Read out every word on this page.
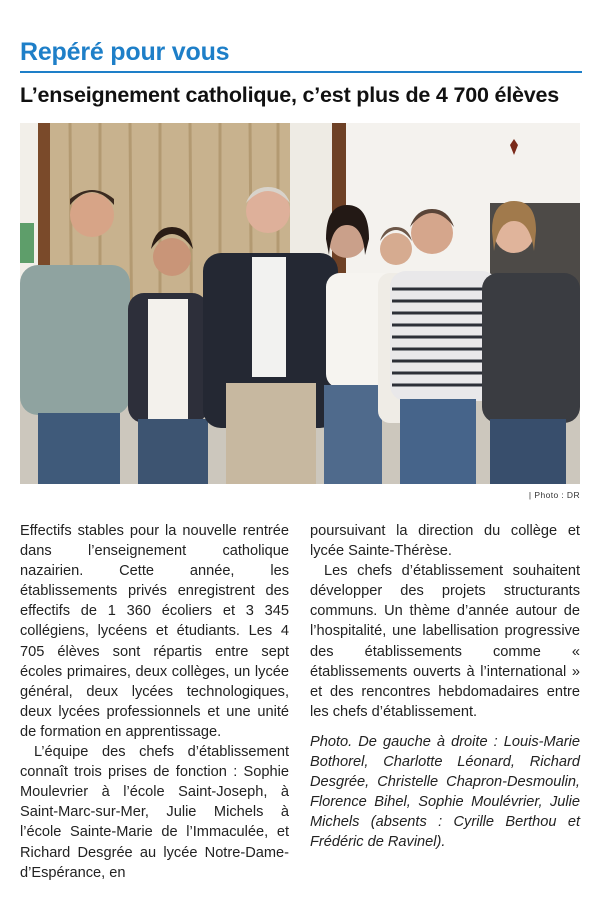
Repéré pour vous
L’enseignement catholique, c’est plus de 4 700 élèves
| Photo : DR

Effectifs stables pour la nouvelle rentrée dans l’enseignement catholique nazairien. Cette année, les établissements privés enregistrent des effectifs de 1 360 écoliers et 3 345 collégiens, lycéens et étudiants. Les 4 705 élèves sont répartis entre sept écoles primaires, deux collèges, un lycée général, deux lycées technologiques, deux lycées professionnels et une unité de formation en apprentissage.

L’équipe des chefs d’établissement connaît trois prises de fonction : Sophie Moulevrier à l’école Saint-Joseph, à Saint-Marc-sur-Mer, Julie Michels à l’école Sainte-Marie de l’Immaculée, et Richard Desgrée au lycée Notre-Dame-d’Espérance, en

poursuivant la direction du collège et lycée Sainte-Thérèse.

Les chefs d’établissement souhaitent développer des projets structurants communs. Un thème d’année autour de l’hospitalité, une labellisation progressive des établissements comme « établissements ouverts à l’international » et des rencontres hebdomadaires entre les chefs d’établissement.

Photo. De gauche à droite : Louis-Marie Bothorel, Charlotte Léonard, Richard Desgrée, Christelle Chapron-Desmoulin, Florence Bihel, Sophie Moulévrier, Julie Michels (absents : Cyrille Berthou et Frédéric de Ravinel).
